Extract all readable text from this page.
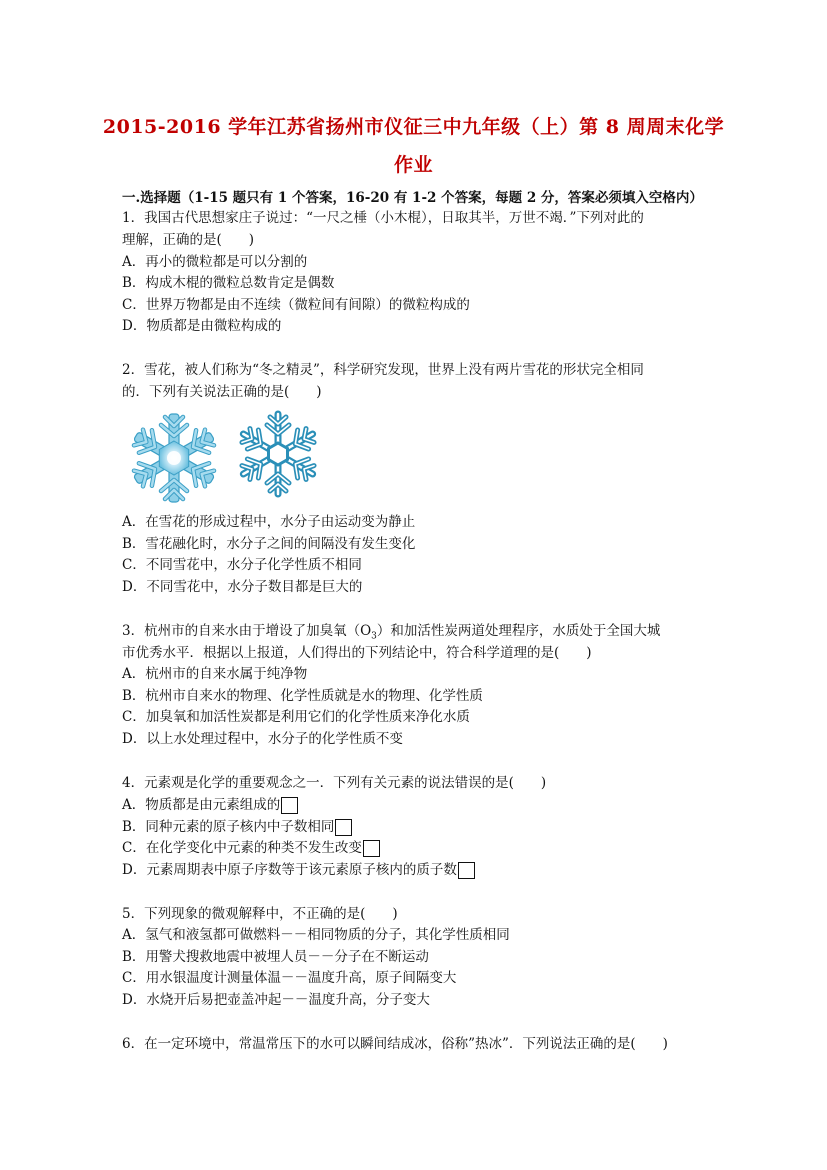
2015-2016 学年江苏省扬州市仪征三中九年级（上）第 8 周周末化学
作业
一.选择题（1-15 题只有 1 个答案，16-20 有 1-2 个答案，每题 2 分，答案必须填入空格内）
1．我国古代思想家庄子说过：“一尺之棰（小木棍），日取其半，万世不竭．”下列对此的
理解，正确的是(　　)
A．再小的微粒都是可以分割的
B．构成木棍的微粒总数肯定是偶数
C．世界万物都是由不连续（微粒间有间隙）的微粒构成的
D．物质都是由微粒构成的
2．雪花，被人们称为“冬之精灵”，科学研究发现，世界上没有两片雪花的形状完全相同
的．下列有关说法正确的是(　　)
A．在雪花的形成过程中，水分子由运动变为静止
B．雪花融化时，水分子之间的间隔没有发生变化
C．不同雪花中，水分子化学性质不相同
D．不同雪花中，水分子数目都是巨大的
3．杭州市的自来水由于增设了加臭氧$(O_3)$和加活性炭两道处理程序，水质处于全国大城
市优秀水平．根据以上报道，人们得出的下列结论中，符合科学道理的是(　　)
A．杭州市的自来水属于纯净物
B．杭州市自来水的物理、化学性质就是水的物理、化学性质
C．加臭氧和加活性炭都是利用它们的化学性质来净化水质
D．以上水处理过程中，水分子的化学性质不变
4．元素观是化学的重要观念之一．下列有关元素的说法错误的是(　　)
A．物质都是由元素组成的
B．同种元素的原子核内中子数相同
C．在化学变化中元素的种类不发生改变
D．元素周期表中原子序数等于该元素原子核内的质子数
5．下列现象的微观解释中，不正确的是(　　)
A．氢气和液氢都可做燃料－－相同物质的分子，其化学性质相同
B．用警犬搜救地震中被埋人员－－分子在不断运动
C．用水银温度计测量体温－－温度升高，原子间隔变大
D．水烧开后易把壶盖冲起－－温度升高，分子变大
6．在一定环境中，常温常压下的水可以瞬间结成冰，俗称”热冰”．下列说法正确的是(　　)
